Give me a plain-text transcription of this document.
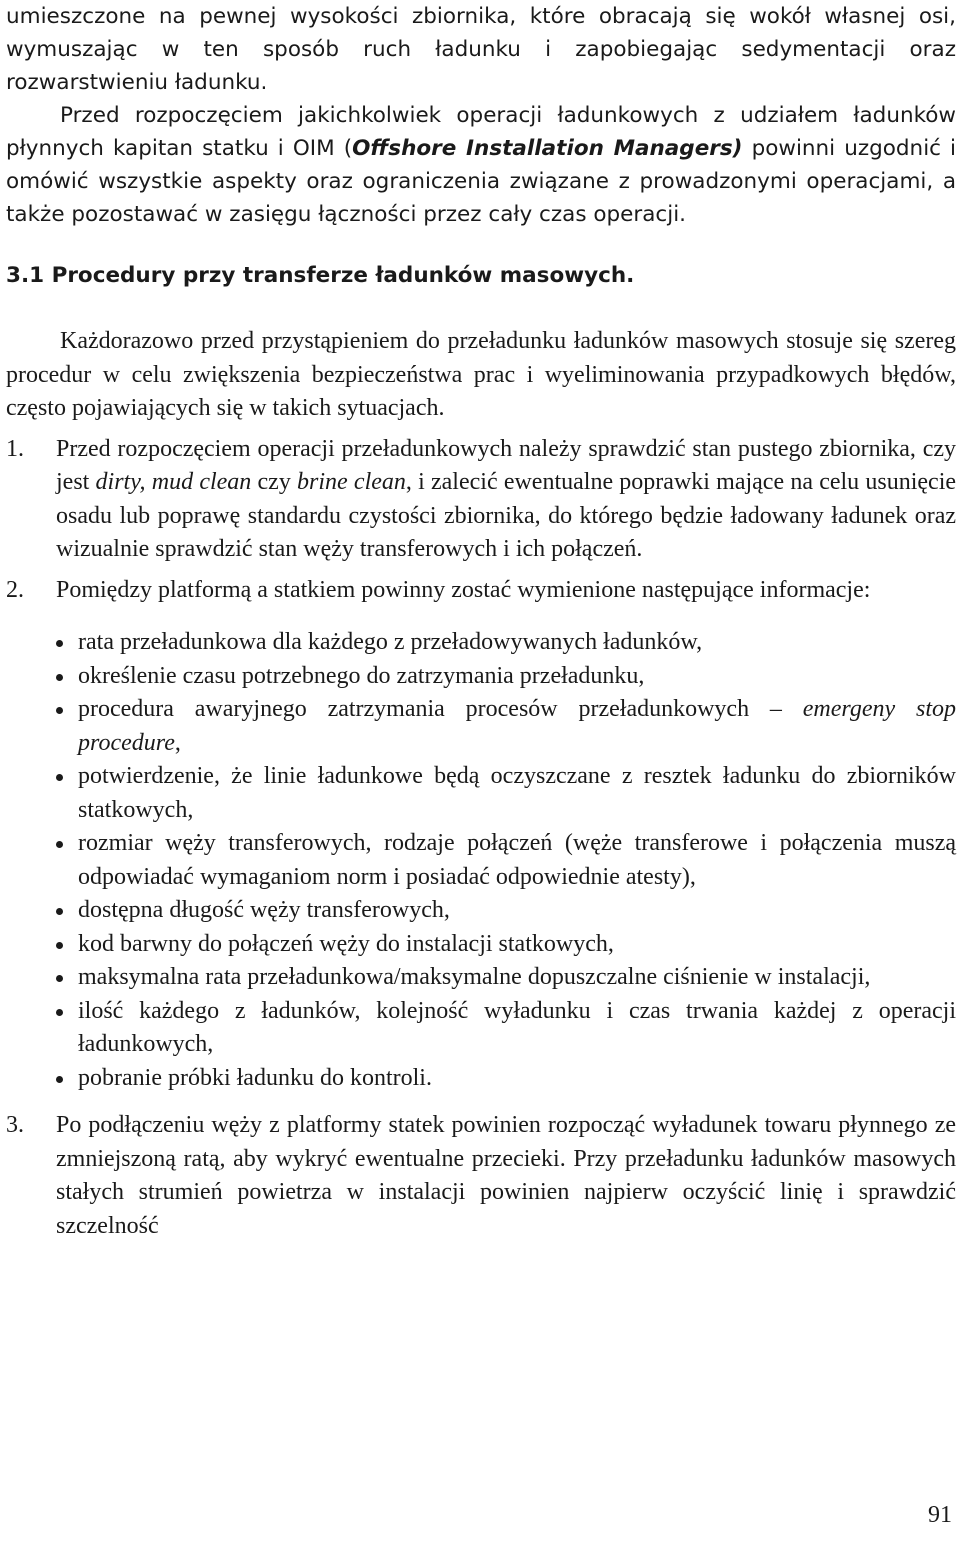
umieszczone na pewnej wysokości zbiornika, które obracają się wokół własnej osi, wymuszając w ten sposób ruch ładunku i zapobiegając sedymentacji oraz rozwarstwieniu ładunku.

Przed rozpoczęciem jakichkolwiek operacji ładunkowych z udziałem ładunków płynnych kapitan statku i OIM (Offshore Installation Managers) powinni uzgodnić i omówić wszystkie aspekty oraz ograniczenia związane z prowadzonymi operacjami, a także pozostawać w zasięgu łączności przez cały czas operacji.

3.1 Procedury przy transferze ładunków masowych.

Każdorazowo przed przystąpieniem do przeładunku ładunków masowych stosuje się szereg procedur w celu zwiększenia bezpieczeństwa prac i wyeliminowania przypadkowych błędów, często pojawiających się w takich sytuacjach.

1.	Przed rozpoczęciem operacji przeładunkowych należy sprawdzić stan pustego zbiornika, czy jest dirty, mud clean czy brine clean, i zalecić ewentualne poprawki mające na celu usunięcie osadu lub poprawę standardu czystości zbiornika, do którego będzie ładowany ładunek oraz wizualnie sprawdzić stan węży transferowych i ich połączeń.
2.	Pomiędzy platformą a statkiem powinny zostać wymienione następujące informacje:
rata przeładunkowa dla każdego z przeładowywanych ładunków,
określenie czasu potrzebnego do zatrzymania przeładunku,
procedura awaryjnego zatrzymania procesów przeładunkowych – emergeny stop procedure,
potwierdzenie, że linie ładunkowe będą oczyszczane z resztek ładunku do zbiorników statkowych,
rozmiar węży transferowych, rodzaje połączeń (węże transferowe i połączenia muszą odpowiadać wymaganiom norm i posiadać odpowiednie atesty),
dostępna długość węży transferowych,
kod barwny do połączeń węży do instalacji statkowych,
maksymalna rata przeładunkowa/maksymalne dopuszczalne ciśnienie w instalacji,
ilość każdego z ładunków, kolejność wyładunku i czas trwania każdej z operacji ładunkowych,
pobranie próbki ładunku do kontroli.
3.	Po podłączeniu węży z platformy statek powinien rozpocząć wyładunek towaru płynnego ze zmniejszoną ratą, aby wykryć ewentualne przecieki. Przy przeładunku ładunków masowych stałych strumień powietrza w instalacji powinien najpierw oczyścić linię i sprawdzić szczelność
91
